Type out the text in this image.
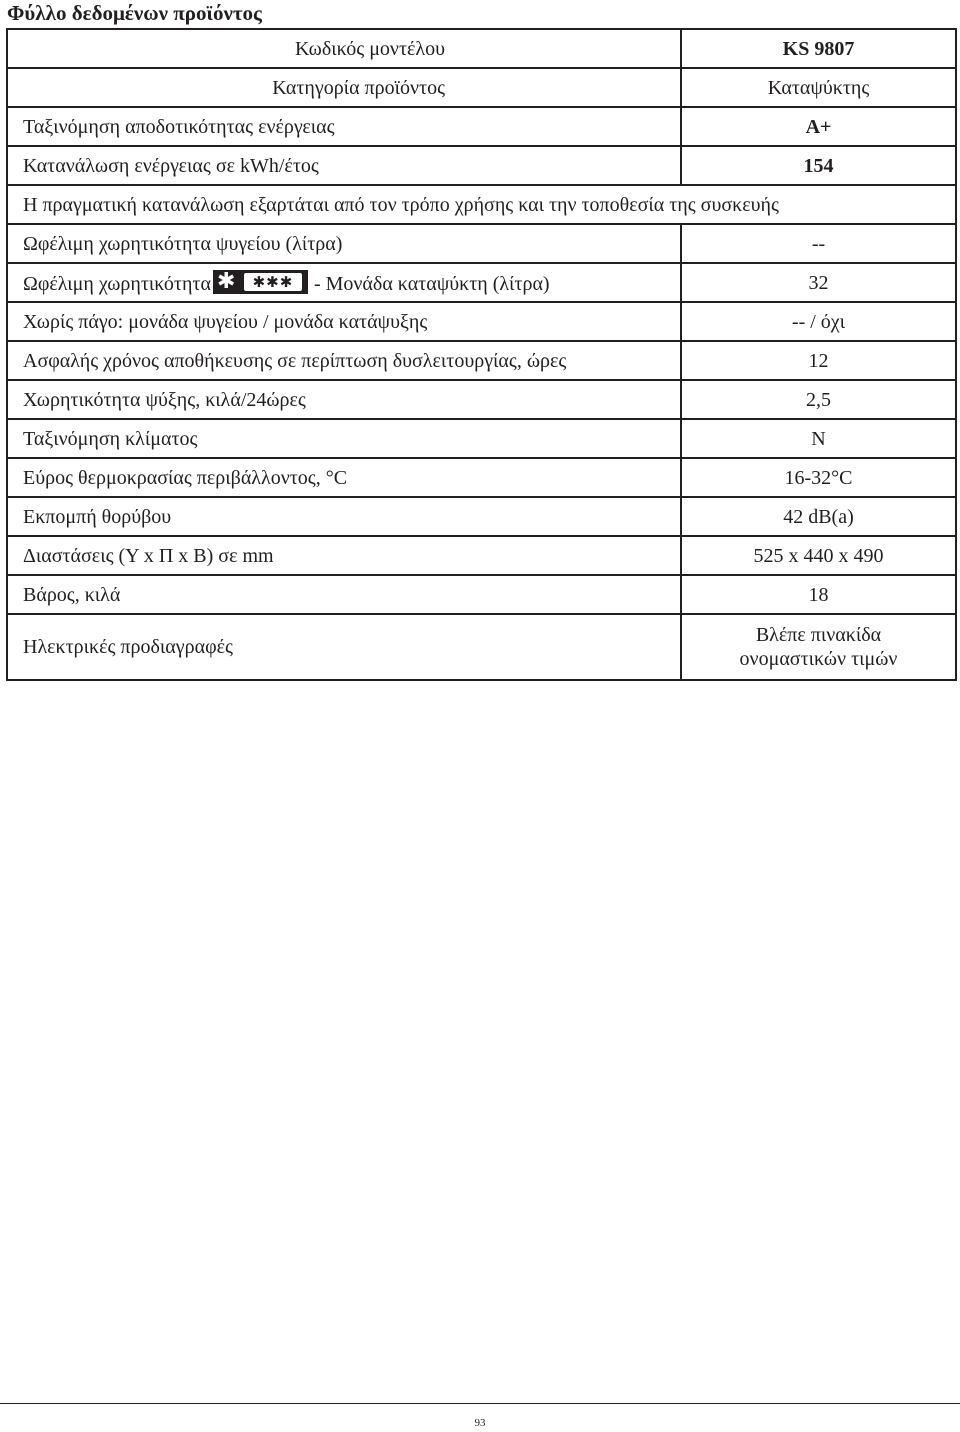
Φύλλο δεδομένων προϊόντος
Κωδικός μοντέλου	KS 9807
Κατηγορία προϊόντος	Καταψύκτης
Ταξινόμηση αποδοτικότητας ενέργειας	A+
Κατανάλωση ενέργειας σε kWh/έτος	154
Η πραγματική κατανάλωση εξαρτάται από τον τρόπο χρήσης και την τοποθεσία της συσκευής	
Ωφέλιμη χωρητικότητα ψυγείου (λίτρα)	--
Ωφέλιμη χωρητικότητα ✱ ✱✱✱ - Μονάδα καταψύκτη (λίτρα)	32
Χωρίς πάγο: μονάδα ψυγείου / μονάδα κατάψυξης	-- / όχι
Ασφαλής χρόνος αποθήκευσης σε περίπτωση δυσλειτουργίας, ώρες	12
Χωρητικότητα ψύξης, κιλά/24ώρες	2,5
Ταξινόμηση κλίματος	N
Εύρος θερμοκρασίας περιβάλλοντος, °C	16-32°C
Εκπομπή θορύβου	42 dB(a)
Διαστάσεις (Υ x Π x Β) σε mm	525 x 440 x 490
Βάρος, κιλά	18
Ηλεκτρικές προδιαγραφές	Βλέπε πινακίδα
ονομαστικών τιμών
93
